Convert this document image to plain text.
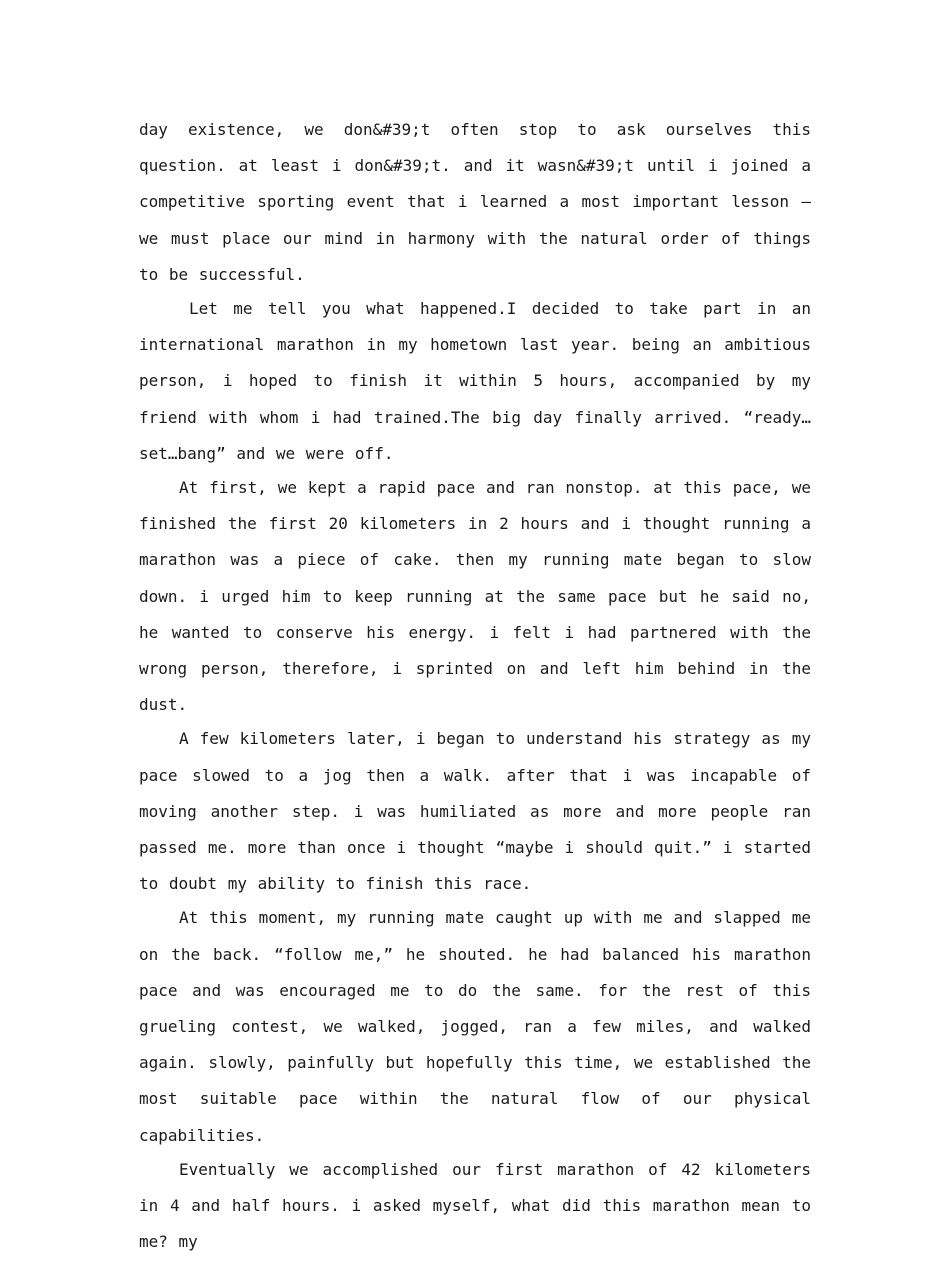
day existence, we don&#39;t often stop to ask ourselves this question. at least i don&#39;t. and it wasn&#39;t until i joined a competitive sporting event that i learned a most important lesson – we must place our mind in harmony with the natural order of things to be successful.

Let me tell you what happened.I decided to take part in an international marathon in my hometown last year. being an ambitious person, i hoped to finish it within 5 hours, accompanied by my friend with whom i had trained.The big day finally arrived. “ready…set…bang” and we were off.

At first, we kept a rapid pace and ran nonstop. at this pace, we finished the first 20 kilometers in 2 hours and i thought running a marathon was a piece of cake. then my running mate began to slow down. i urged him to keep running at the same pace but he said no, he wanted to conserve his energy. i felt i had partnered with the wrong person, therefore, i sprinted on and left him behind in the dust.

A few kilometers later, i began to understand his strategy as my pace slowed to a jog then a walk. after that i was incapable of moving another step. i was humiliated as more and more people ran passed me. more than once i thought “maybe i should quit.” i started to doubt my ability to finish this race.

At this moment, my running mate caught up with me and slapped me on the back. “follow me,” he shouted. he had balanced his marathon pace and was encouraged me to do the same. for the rest of this grueling contest, we walked, jogged, ran a few miles, and walked again. slowly, painfully but hopefully this time, we established the most suitable pace within the natural flow of our physical capabilities.

Eventually we accomplished our first marathon of 42 kilometers in 4 and half hours. i asked myself, what did this marathon mean to me? my
